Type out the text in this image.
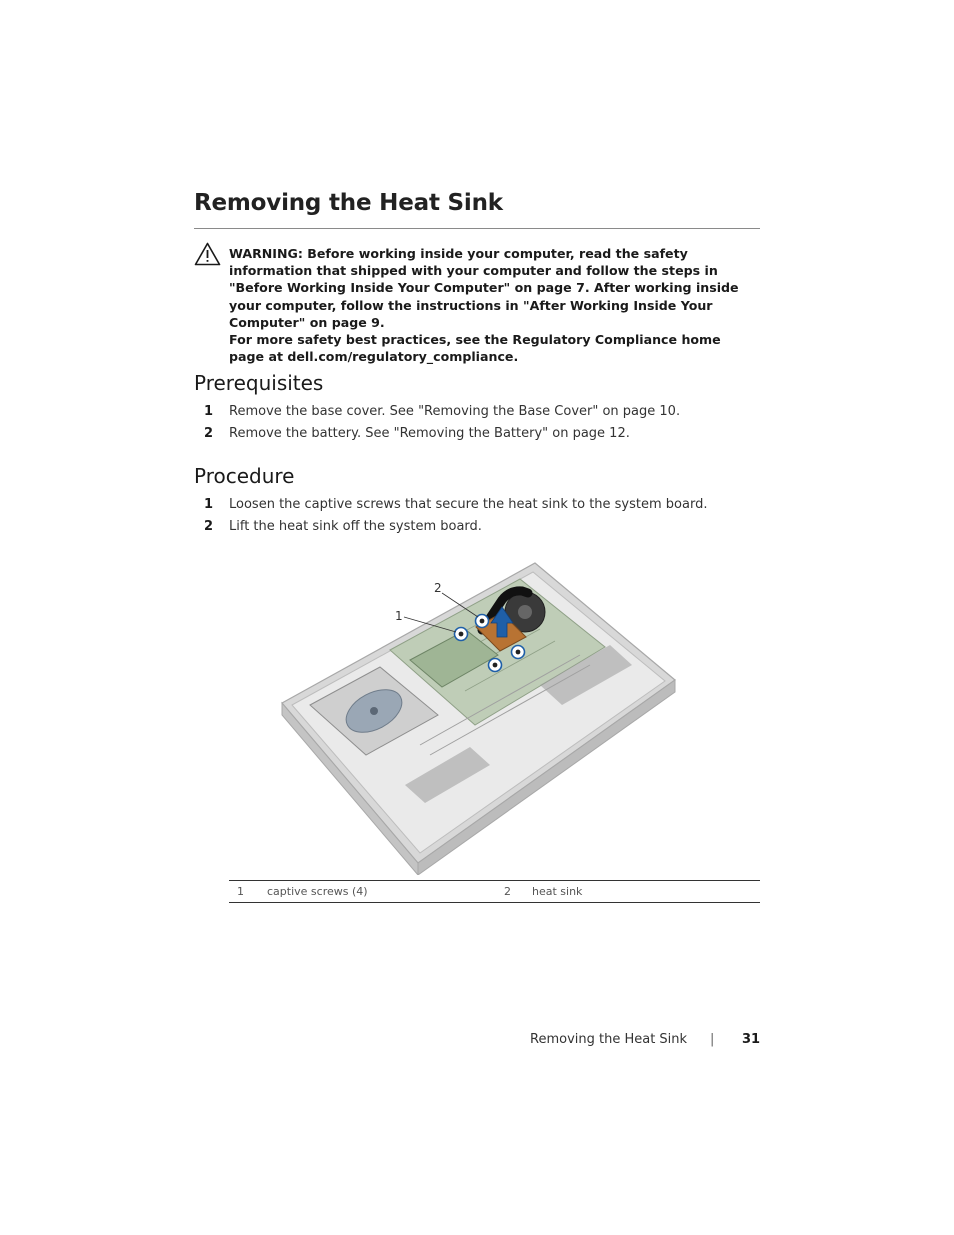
Removing the Heat Sink

WARNING: Before working inside your computer, read the safety information that shipped with your computer and follow the steps in "Before Working Inside Your Computer" on page 7. After working inside your computer, follow the instructions in "After Working Inside Your Computer" on page 9.

For more safety best practices, see the Regulatory Compliance home page at dell.com/regulatory_compliance.

Prerequisites
1 Remove the base cover. See "Removing the Base Cover" on page 10.
2 Remove the battery. See "Removing the Battery" on page 12.
Procedure
1 Loosen the captive screws that secure the heat sink to the system board.
2 Lift the heat sink off the system board.
1
2
1 captive screws (4)	2 heat sink
Removing the Heat Sink | 31
